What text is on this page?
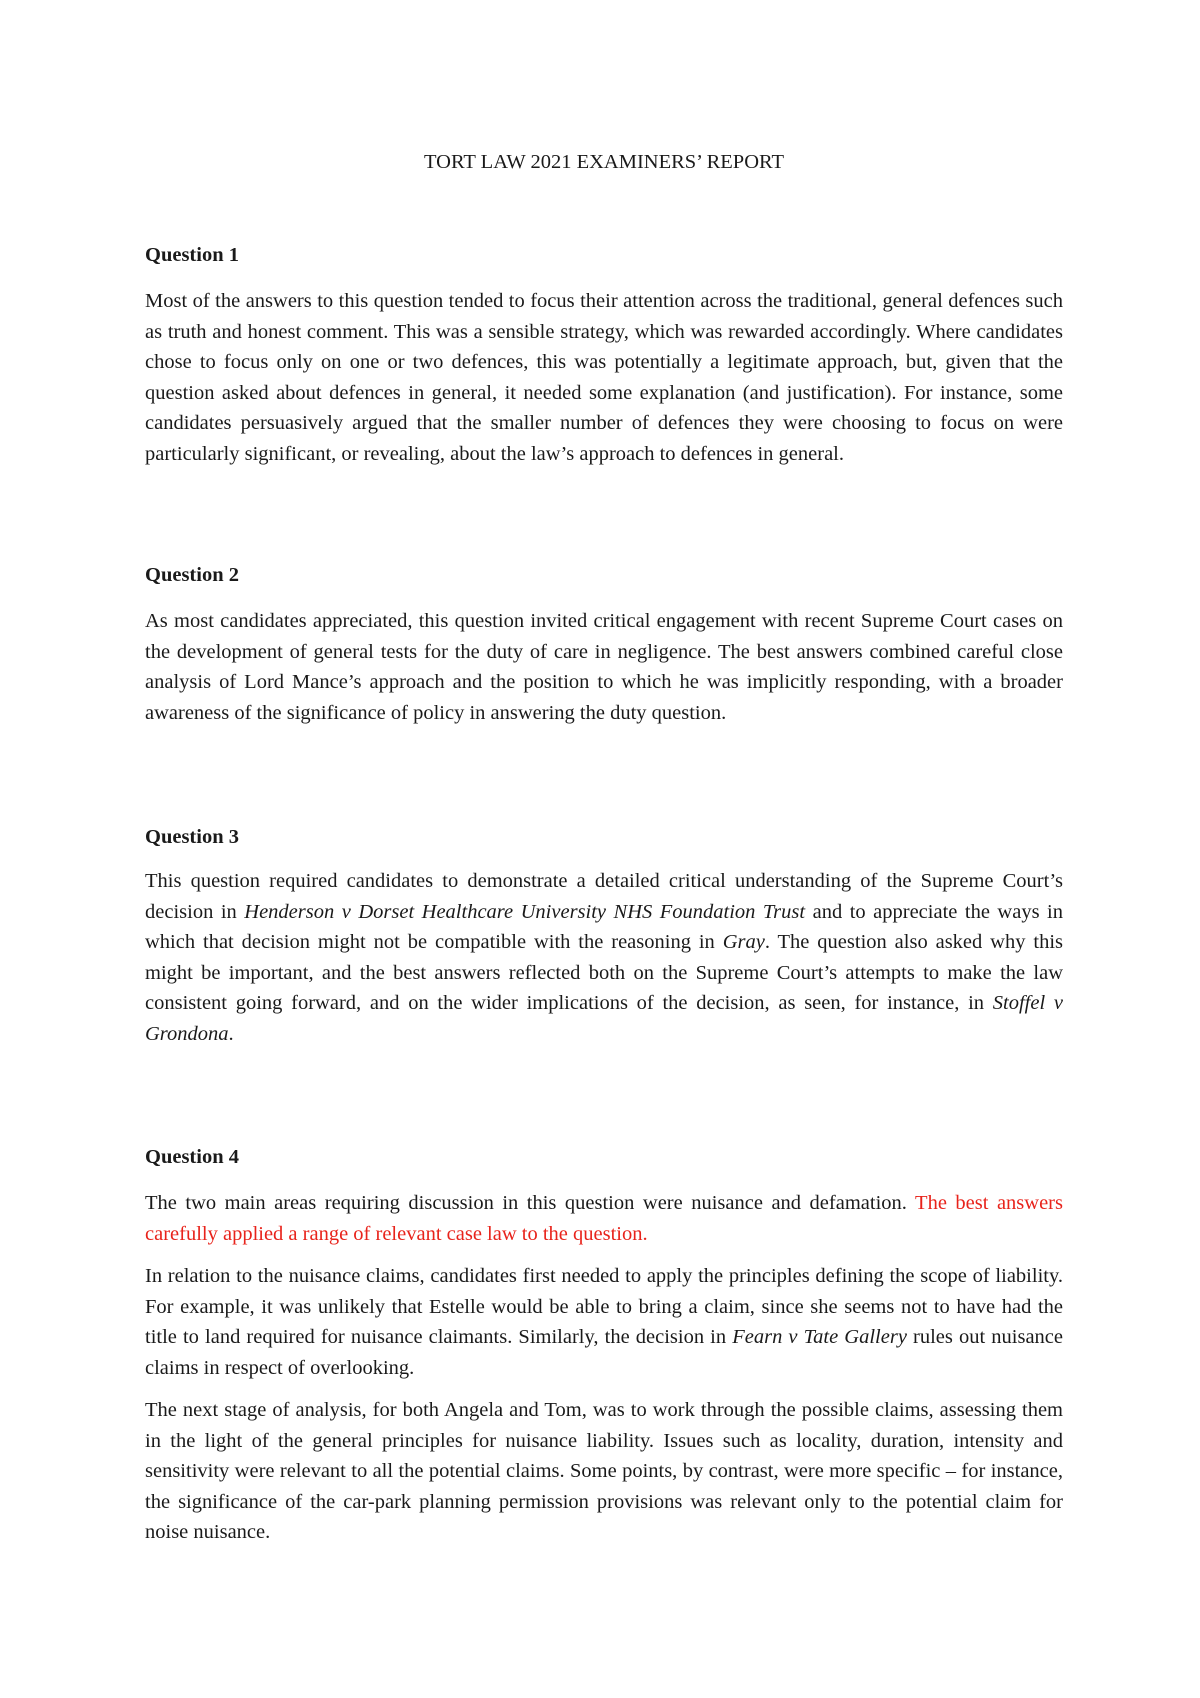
TORT LAW 2021 EXAMINERS’ REPORT
Question 1
Most of the answers to this question tended to focus their attention across the traditional, general defences such as truth and honest comment. This was a sensible strategy, which was rewarded accordingly. Where candidates chose to focus only on one or two defences, this was potentially a legitimate approach, but, given that the question asked about defences in general, it needed some explanation (and justification). For instance, some candidates persuasively argued that the smaller number of defences they were choosing to focus on were particularly significant, or revealing, about the law’s approach to defences in general.
Question 2
As most candidates appreciated, this question invited critical engagement with recent Supreme Court cases on the development of general tests for the duty of care in negligence. The best answers combined careful close analysis of Lord Mance’s approach and the position to which he was implicitly responding, with a broader awareness of the significance of policy in answering the duty question.
Question 3
This question required candidates to demonstrate a detailed critical understanding of the Supreme Court’s decision in Henderson v Dorset Healthcare University NHS Foundation Trust and to appreciate the ways in which that decision might not be compatible with the reasoning in Gray. The question also asked why this might be important, and the best answers reflected both on the Supreme Court’s attempts to make the law consistent going forward, and on the wider implications of the decision, as seen, for instance, in Stoffel v Grondona.
Question 4
The two main areas requiring discussion in this question were nuisance and defamation. The best answers carefully applied a range of relevant case law to the question.
In relation to the nuisance claims, candidates first needed to apply the principles defining the scope of liability. For example, it was unlikely that Estelle would be able to bring a claim, since she seems not to have had the title to land required for nuisance claimants. Similarly, the decision in Fearn v Tate Gallery rules out nuisance claims in respect of overlooking.
The next stage of analysis, for both Angela and Tom, was to work through the possible claims, assessing them in the light of the general principles for nuisance liability. Issues such as locality, duration, intensity and sensitivity were relevant to all the potential claims. Some points, by contrast, were more specific – for instance, the significance of the car-park planning permission provisions was relevant only to the potential claim for noise nuisance.
